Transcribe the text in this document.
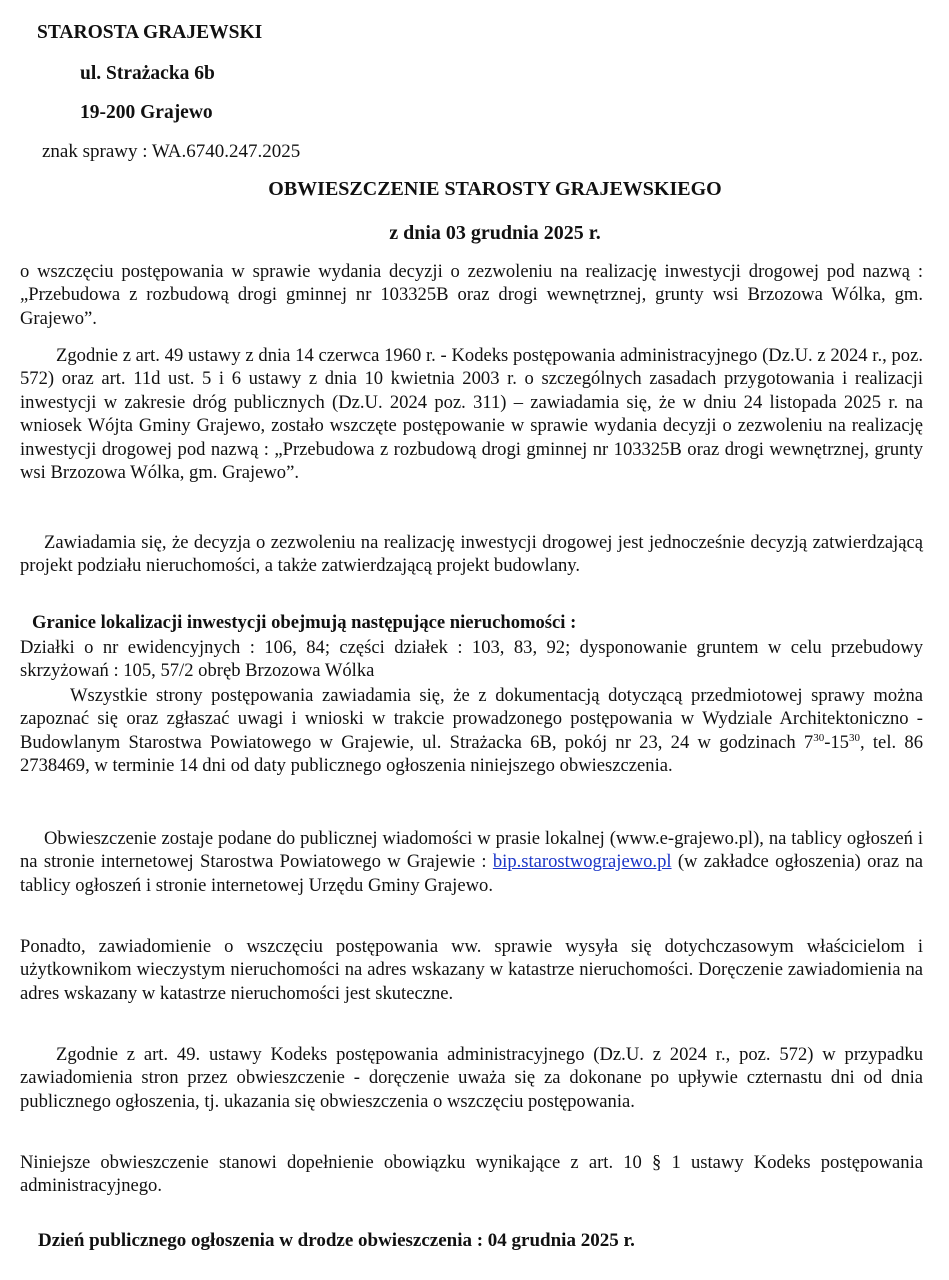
STAROSTA GRAJEWSKI
ul. Strażacka 6b
19-200 Grajewo
znak sprawy : WA.6740.247.2025
OBWIESZCZENIE STAROSTY GRAJEWSKIEGO
z dnia 03 grudnia 2025 r.
o wszczęciu postępowania w sprawie wydania decyzji o zezwoleniu na realizację inwestycji drogowej pod nazwą : „Przebudowa z rozbudową drogi gminnej nr 103325B oraz drogi wewnętrznej, grunty wsi Brzozowa Wólka, gm. Grajewo”.
Zgodnie z art. 49 ustawy z dnia 14 czerwca 1960 r. - Kodeks postępowania administracyjnego (Dz.U. z 2024 r., poz. 572) oraz art. 11d ust. 5 i 6 ustawy z dnia 10 kwietnia 2003 r. o szczególnych zasadach przygotowania i realizacji inwestycji w zakresie dróg publicznych (Dz.U. 2024 poz. 311) – zawiadamia się, że w dniu 24 listopada 2025 r. na wniosek Wójta Gminy Grajewo, zostało wszczęte postępowanie w sprawie wydania decyzji o zezwoleniu na realizację inwestycji drogowej pod nazwą : „Przebudowa z rozbudową drogi gminnej nr 103325B oraz drogi wewnętrznej, grunty wsi Brzozowa Wólka, gm. Grajewo”.
Zawiadamia się, że decyzja o zezwoleniu na realizację inwestycji drogowej jest jednocześnie decyzją zatwierdzającą projekt podziału nieruchomości, a także zatwierdzającą projekt budowlany.
Granice lokalizacji inwestycji obejmują następujące nieruchomości :
Działki o nr ewidencyjnych : 106, 84; części działek : 103, 83, 92; dysponowanie gruntem w celu przebudowy skrzyżowań : 105, 57/2 obręb Brzozowa Wólka
Wszystkie strony postępowania zawiadamia się, że z dokumentacją dotyczącą przedmiotowej sprawy można zapoznać się oraz zgłaszać uwagi i wnioski w trakcie prowadzonego postępowania w Wydziale Architektoniczno - Budowlanym Starostwa Powiatowego w Grajewie, ul. Strażacka 6B, pokój nr 23, 24 w godzinach $7^{30}-15^{30}$, tel. 86 2738469, w terminie 14 dni od daty publicznego ogłoszenia niniejszego obwieszczenia.
Obwieszczenie zostaje podane do publicznej wiadomości w prasie lokalnej (www.e-grajewo.pl), na tablicy ogłoszeń i na stronie internetowej Starostwa Powiatowego w Grajewie : bip.starostwograjewo.pl (w zakładce ogłoszenia) oraz na tablicy ogłoszeń i stronie internetowej Urzędu Gminy Grajewo.
Ponadto, zawiadomienie o wszczęciu postępowania ww. sprawie wysyła się dotychczasowym właścicielom i użytkownikom wieczystym nieruchomości na adres wskazany w katastrze nieruchomości. Doręczenie zawiadomienia na adres wskazany w katastrze nieruchomości jest skuteczne.
Zgodnie z art. 49. ustawy Kodeks postępowania administracyjnego (Dz.U. z 2024 r., poz. 572) w przypadku zawiadomienia stron przez obwieszczenie - doręczenie uważa się za dokonane po upływie czternastu dni od dnia publicznego ogłoszenia, tj. ukazania się obwieszczenia o wszczęciu postępowania.
Niniejsze obwieszczenie stanowi dopełnienie obowiązku wynikające z art. 10 § 1 ustawy Kodeks postępowania administracyjnego.
Dzień publicznego ogłoszenia w drodze obwieszczenia : 04 grudnia 2025 r.
